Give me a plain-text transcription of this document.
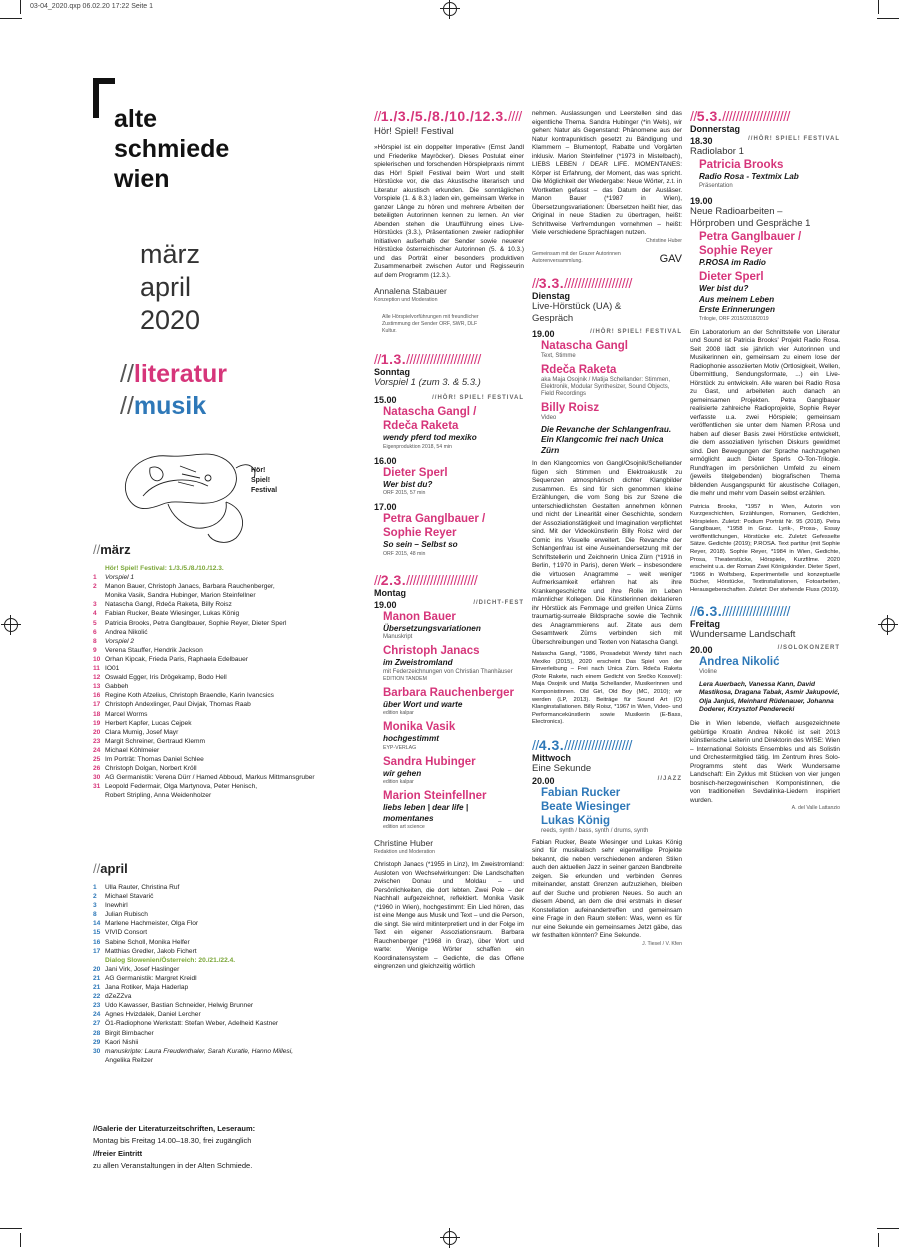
03-04_2020.qxp 06.02.20 17:22 Seite 1
alte
schmiede
wien
märz
april
2020
//literatur
//musik
Hör!
Spiel!
Festival
//märz
Hör! Spiel! Festival: 1./3./5./8./10./12.3.
1	Vorspiel 1
2	Manon Bauer, Christoph Janacs, Barbara Rauchenberger,
Monika Vasik, Sandra Hubinger, Marion Steinfellner
3	Natascha Gangl, Rdeča Raketa, Billy Roisz
4	Fabian Rucker, Beate Wiesinger, Lukas König
5	Patricia Brooks, Petra Ganglbauer, Sophie Reyer, Dieter Sperl
6	Andrea Nikolić
8	Vorspiel 2
9	Verena Stauffer, Hendrik Jackson
10 Orhan Kipcak, Frieda Paris, Raphaela Edelbauer
11 IO01
12 Oswald Egger, Iris Drögekamp, Bodo Hell
13 Gabbeh
16 Regine Koth Afzelius, Christoph Braendle, Karin Ivancsics
17 Christoph Andexlinger, Paul Divjak, Thomas Raab
18 Marcel Worms
19 Herbert Kapfer, Lucas Cejpek
20 Clara Mumig, Josef Mayr
23 Margit Schreiner, Gertraud Klemm
24 Michael Köhlmeier
25 Im Porträt: Thomas Daniel Schlee
26 Christoph Dolgan, Norbert Kröll
30 AG Germanistik: Verena Dürr / Hamed Abboud, Markus Mittmansgruber
31 Leopold Federmair, Olga Martynova, Peter Henisch,
Robert Stripling, Anna Weidenholzer
//april
1	Ulla Rauter, Christina Ruf
2	Michael Stavarič
3	Inewhirl
8	Julian Rubisch
14 Marlene Hachmeister, Olga Flor
15 VIVID Consort
16 Sabine Scholl, Monika Helfer
17 Matthias Gredler, Jakob Fichert
Dialog Slowenien/Österreich: 20./21./22.4.
20 Jani Virk, Josef Haslinger
21 AG Germanistik: Margret Kreidl
21 Jana Rotiker, Maja Haderlap
22 dZeZZva
23 Udo Kawasser, Bastian Schneider, Helwig Brunner
24 Agnes Hvizdalek, Daniel Lercher
27 Ö1-Radiophone Werkstatt: Stefan Weber, Adelheid Kastner
28 Birgit Birnbacher
29 Kaori Nishii
30 manuskripte: Laura Freudenthaler, Sarah Kuratle, Hanno Millesi,
Angelika Reitzer
//Galerie der Literaturzeitschriften, Leseraum:
Montag bis Freitag 14.00–18.30, frei zugänglich
//freier Eintritt
zu allen Veranstaltungen in der Alten Schmiede.
//1./3./5./8./10./12.3.////
Hör! Spiel! Festival
»Hörspiel ist ein doppelter Imperativ« (Ernst Jandl und Friederike Mayröcker). Dieses Postulat einer spielerischen und forschenden Hörspielpraxis nimmt das Hör! Spiel! Festival beim Wort und stellt Hörstücke vor, die das Akustische literarisch und Literatur akustisch erkunden. Die sonntäglichen Vorspiele (1. & 8.3.) laden ein, gemeinsam Werke in ganzer Länge zu hören und mehrere Arbeiten der beteiligten Autorinnen kennen zu lernen. An vier Abenden stehen die Uraufführung eines Live-Hörstücks (3.3.), Präsentationen zweier radiophiler Initiativen außerhalb der Sender sowie neuerer Hörstücke österreichischer Autorinnen (5. & 10.3.) und das Porträt einer besonders produktiven Zusammenarbeit zwischen Autor und Regisseurin auf dem Programm (12.3.).
Annalena Stabauer
Konzeption und Moderation
Alle Hörspielvorführungen mit freundlicher Zustimmung der Sender ORF, SWR, DLF Kultur.
//1.3.//////////////////////
Sonntag
Vorspiel 1 (zum 3. & 5.3.)
15.00	//HÖR! SPIEL! FESTIVAL
Natascha Gangl /
Rdeča Raketa
wendy pferd tod mexiko
Eigenproduktion 2018, 54 min
16.00
Dieter Sperl
Wer bist du?
ORF 2015, 57 min
17.00
Petra Ganglbauer /
Sophie Reyer
So sein – Selbst so
ORF 2015, 48 min
//2.3./////////////////////
Montag
19.00	//DICHT-FEST
Manon Bauer
Übersetzungsvariationen
Manuskript
Christoph Janacs
im Zweistromland
mit Federzeichnungen von Christian Thanhäuser
EDITION TANDEM
Barbara Rauchenberger
über Wort und warte
edition kalpar
Monika Vasik
hochgestimmt
EYP-VERLAG
Sandra Hubinger
wir gehen
edition kalpar
Marion Steinfellner
liebs leben | dear life |
momentanes
edition art science
Christine Huber
Redaktion und Moderation
Christoph Janacs (*1955 in Linz), Im Zweistromland: Ausloten von Wechselwirkungen: Die Landschaften zwischen Donau und Moldau – und Persönlichkeiten, die dort lebten. Zwei Pole – der Nachhall aufgezeichnet, reflektiert. Monika Vasik (*1960 in Wien), hochgestimmt: Ein Lied hören, das ist eine Menge aus Musik und Text – und die Person, die singt. Sie wird mitinterpretiert und in der Folge im Text ein eigener Assoziationsraum. Barbara Rauchenberger (*1968 in Graz), über Wort und warte: Wenige Wörter schaffen ein Koordinatensystem – Gedichte, die das Offene eingrenzen und gleichzeitig wörtlich
nehmen. Auslassungen und Leerstellen sind das eigentliche Thema. Sandra Hubinger (*in Wels), wir gehen: Natur als Gegenstand: Phänomene aus der Natur kontrapunktisch gesetzt zu Bändigung und Klammern – Blumentopf, Rabatte und Vorgärten inklusiv. Marion Steinfellner (*1973 in Mistelbach), LIEBS LEBEN / DEAR LIFE. MOMENTANES: Körper ist Erfahrung, der Moment, das was spricht. Die Möglichkeit der Wiedergabe: Neue Wörter, z.t. in Wortketten gefasst – das Datum der Ausläser. Manon Bauer (*1987 in Wien), Übersetzungsvariationen: Übersetzen heißt hier, das Original in neue Stadien zu übertragen, heißt: Schrittweise Verfremdungen vornehmen – heißt: Viele verschiedene Sprachlagen nutzen.
Christine Huber
Gemeinsam mit der Grazer Autorinnen Autorenversammlung.	GAV
//3.3.////////////////////
Dienstag
Live-Hörstück (UA) &
Gespräch
19.00	//HÖR! SPIEL! FESTIVAL
Natascha Gangl
Text, Stimme
Rdeča Raketa
aka Maja Osojnik / Matija Schellander: Stimmen, Elektronik, Modular Synthesizer, Sound Objects, Field Recordings
Billy Roisz
Video
Die Revanche der Schlangenfrau. Ein Klangcomic frei nach Unica Zürn
In den Klangcomics von Gangl/Osojnik/Schellander fügen sich Stimmen und Elektroakustik zu Sequenzen atmosphärisch dichter Klangbilder zusammen. Es sind für sich genommen kleine Erzählungen, die vom Song bis zur Szene die unterschiedlichsten Gestalten annehmen können und nicht der Linearität einer Geschichte, sondern der Assoziationstätigkeit und Imagination verpflichtet sind. Mit der Videokünstlerin Billy Roisz wird der Comic ins Visuelle erweitert. Die Revanche der Schlangenfrau ist eine Auseinandersetzung mit der Schriftstellerin und Zeichnerin Unica Zürn (*1916 in Berlin, †1970 in Paris), deren Werk – insbesondere die virtuosen Anagramme – weit weniger Aufmerksamkeit erfahren hat als ihre Krankengeschichte und ihre Rolle im Leben männlicher Kollegen. Die Künstlerinnen deklarieren ihr Hörstück als Femmage und greifen Unica Zürns traumartig-surreale Bildsprache sowie die Technik des Anagrammierens auf. Zitate aus dem Gesamtwerk Zürns verbinden sich mit Überschreibungen und Texten von Natascha Gangl.
Natascha Gangl, *1986, Prosadebüt Wendy fährt nach Mexiko (2015), 2020 erscheint Das Spiel von der Einverleibung – Frei nach Unica Zürn. Rdeča Raketa (Rote Rakete, nach einem Gedicht von Srečko Kosovel): Maja Osojnik und Matija Schellander, Musikerinnen und Komponistinnen. Old Girl, Old Boy (MC, 2010); wir werden (LP, 2013). Beiträge für Sound Art (O) Klanginstallationen. Billy Roisz, *1967 in Wien, Video- und Performancekünstlerin sowie Musikerin (E-Bass, Electronics).
//4.3.////////////////////
Mittwoch
Eine Sekunde
20.00	//JAZZ
Fabian Rucker
Beate Wiesinger
Lukas König
reeds, synth / bass, synth / drums, synth
Fabian Rucker, Beate Wiesinger und Lukas König sind für musikalisch sehr eigenwillige Projekte bekannt, die neben verschiedenen anderen Stilen auch den aktuellen Jazz in seiner ganzen Bandbreite zeigen. Sie erkunden und verbinden Genres miteinander, anstatt Grenzen aufzuziehen, bleiben auf der Suche und probieren Neues. So auch an diesem Abend, an dem die drei erstmals in dieser Konstellation aufeinandertreffen und gemeinsam eine Frage in den Raum stellen: Was, wenn es für nur eine Sekunde ein gemeinsames Jetzt gäbe, das wir festhalten könnten? Eine Sekunde.
J. Tiesel / V. Kfen
//5.3.////////////////////
Donnerstag
18.30	//HÖR! SPIEL! FESTIVAL
Radiolabor 1
Patricia Brooks
Radio Rosa - Textmix Lab
Präsentation
19.00
Neue Radioarbeiten –
Hörproben und Gespräche 1
Petra Ganglbauer /
Sophie Reyer
P.ROSA im Radio
Dieter Sperl
Wer bist du?
Aus meinem Leben
Erste Erinnerungen
Trilogie, ORF 2015/2018/2019
Ein Laboratorium an der Schnittstelle von Literatur und Sound ist Patricia Brooks' Projekt Radio Rosa. Seit 2008 lädt sie jährlich vier Autorinnen und Musikerinnen ein, gemeinsam zu einem lose der Radiophonie assoziierten Motiv (Ortlosigkeit, Wellen, Übermittlung, Sendungsformate, ...) ein Live-Hörstück zu entwickeln. Alle waren bei Radio Rosa zu Gast, und arbeiteten auch danach an gemeinsamen Projekten. Petra Ganglbauer realisierte zahlreiche Radioprojekte, Sophie Reyer verfasste u.a. zwei Hörspiele; gemeinsam veröffentlichen sie unter dem Namen P.Rosa und haben auf dieser Basis zwei Hörstücke entwickelt, die dem assoziativen lyrischen Diskurs gewidmet sind. Den Bewegungen der Sprache nachzugehen ermöglicht auch Dieter Sperls O-Ton-Trilogie. Rundfragen im persönlichen Umfeld zu einem (jeweils titelgebenden) biografischen Thema bildenden Ausgangspunkt für akustische Collagen, die mehr und mehr vom Dasein selbst erzählen.
Patricia Brooks, *1957 in Wien, Autorin von Kurzgeschichten, Erzählungen, Romanen, Gedichten, Hörspielen. Zuletzt: Podium Porträt Nr. 95 (2018). Petra Ganglbauer, *1958 in Graz. Lyrik-, Prosa-, Essay veröffentlichungen, Hörstücke etc. Zuletzt: Gefesselte Sätze. Gedichte (2019); P.ROSA. Text partitur (mit Sophie Reyer, 2018). Sophie Reyer, *1984 in Wien, Gedichte, Prosa, Theaterstücke, Hörspiele, Kurzfilme. 2020 erscheint u.a. der Roman Zwei Königskinder. Dieter Sperl, *1966 in Wolfsberg, Experimentelle und konzeptuelle Bücher, Hörstücke, Textinstallationen, Fotoarbeiten, Herausgeberschaften. Zuletzt: Der stehende Fluss (2019).
//6.3.////////////////////
Freitag
Wundersame Landschaft
20.00	//SOLOKONZERT
Andrea Nikolić
Violine
Lera Auerbach, Vanessa Kann, David Mastikosa, Dragana Tabak, Asmir Jakupović, Olja Janjuš, Meinhard Rüdenauer, Johanna Doderer, Krzysztof Penderecki
Die in Wien lebende, vielfach ausgezeichnete gebürtige Kroatin Andrea Nikolić ist seit 2013 künstlerische Leiterin und Direktorin des WISE: Wien – International Soloists Ensembles und als Solistin und Orchestermitglied tätig. Im Zentrum ihres Solo-Programms steht das Werk Wundersame Landschaft: Ein Zyklus mit Stücken von vier jungen bosnisch-herzegowinischen Komponistinnen, die von traditionellen Sevdalinka-Liedern inspiriert wurden.
A. del Valle Lattanzio
